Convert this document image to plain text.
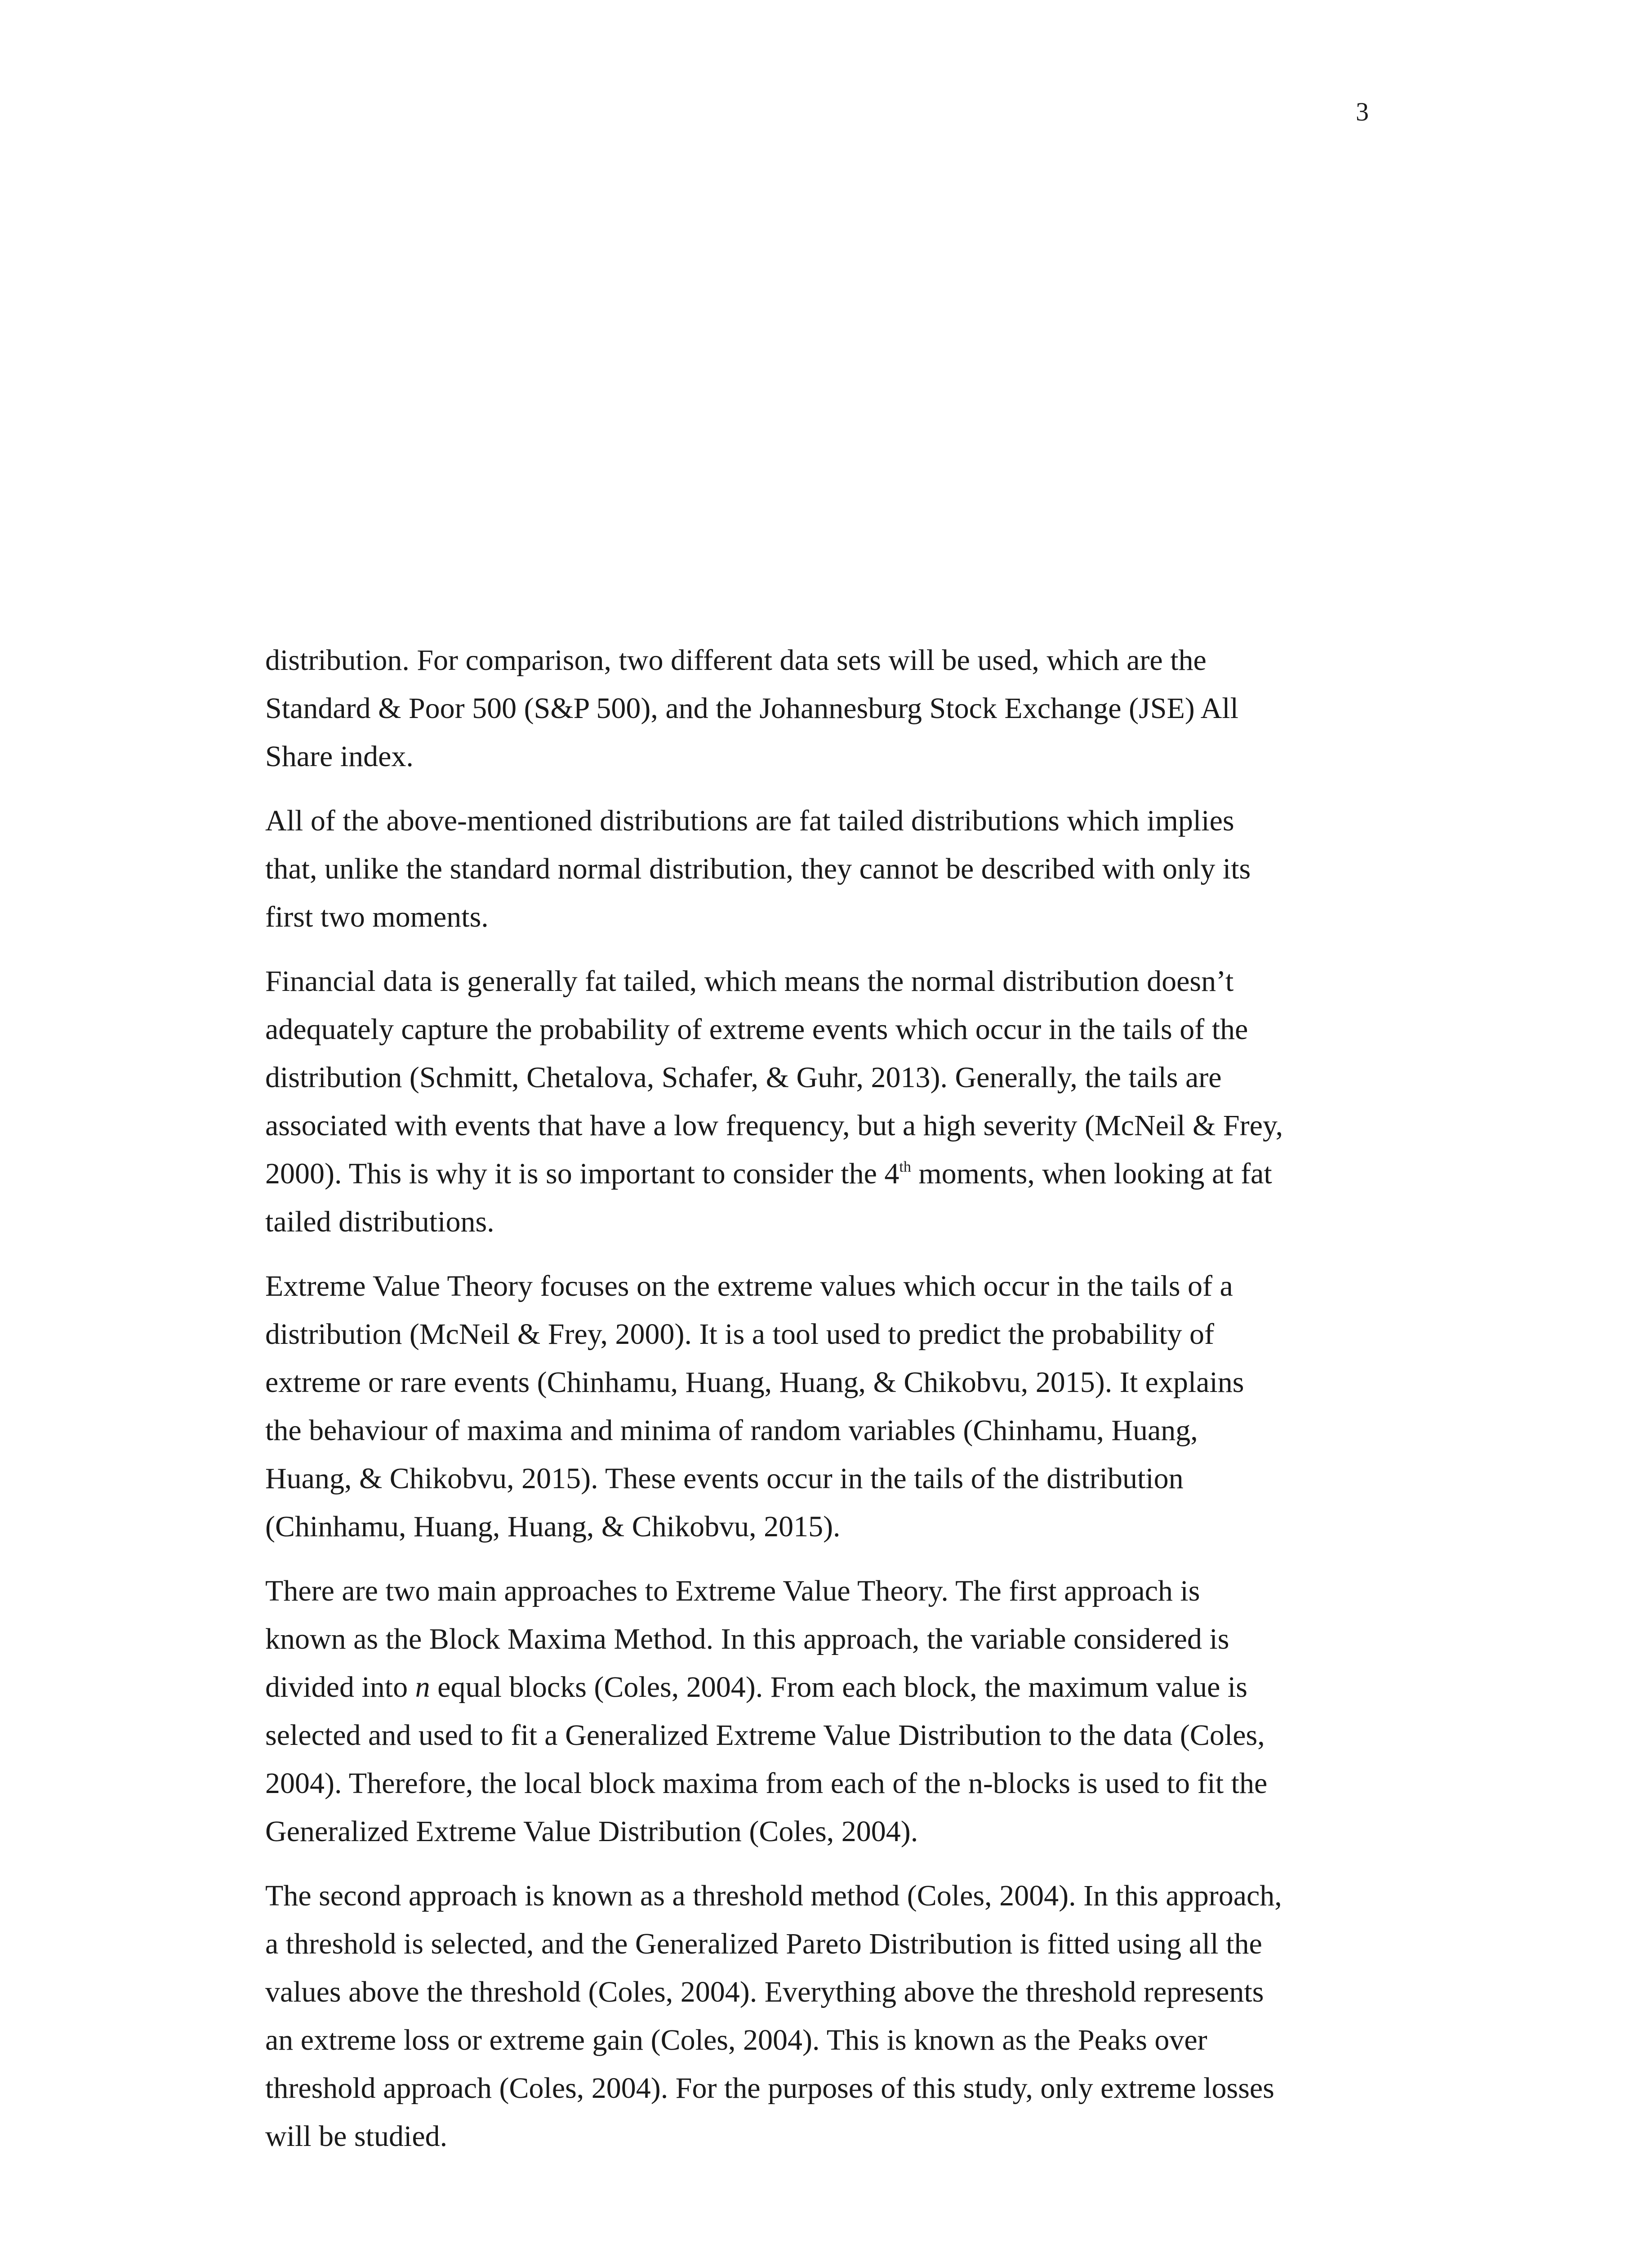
3

distribution. For comparison, two different data sets will be used, which are the
Standard & Poor 500 (S&P 500), and the Johannesburg Stock Exchange (JSE) All
Share index.

All of the above-mentioned distributions are fat tailed distributions which implies
that, unlike the standard normal distribution, they cannot be described with only its
first two moments.

Financial data is generally fat tailed, which means the normal distribution doesn’t
adequately capture the probability of extreme events which occur in the tails of the
distribution (Schmitt, Chetalova, Schafer, & Guhr, 2013). Generally, the tails are
associated with events that have a low frequency, but a high severity (McNeil & Frey,
2000). This is why it is so important to consider the 4th moments, when looking at fat
tailed distributions.

Extreme Value Theory focuses on the extreme values which occur in the tails of a
distribution (McNeil & Frey, 2000). It is a tool used to predict the probability of
extreme or rare events (Chinhamu, Huang, Huang, & Chikobvu, 2015). It explains
the behaviour of maxima and minima of random variables (Chinhamu, Huang,
Huang, & Chikobvu, 2015). These events occur in the tails of the distribution
(Chinhamu, Huang, Huang, & Chikobvu, 2015).

There are two main approaches to Extreme Value Theory. The first approach is
known as the Block Maxima Method. In this approach, the variable considered is
divided into n equal blocks (Coles, 2004). From each block, the maximum value is
selected and used to fit a Generalized Extreme Value Distribution to the data (Coles,
2004). Therefore, the local block maxima from each of the n-blocks is used to fit the
Generalized Extreme Value Distribution (Coles, 2004).

The second approach is known as a threshold method (Coles, 2004). In this approach,
a threshold is selected, and the Generalized Pareto Distribution is fitted using all the
values above the threshold (Coles, 2004). Everything above the threshold represents
an extreme loss or extreme gain (Coles, 2004). This is known as the Peaks over
threshold approach (Coles, 2004). For the purposes of this study, only extreme losses
will be studied.
